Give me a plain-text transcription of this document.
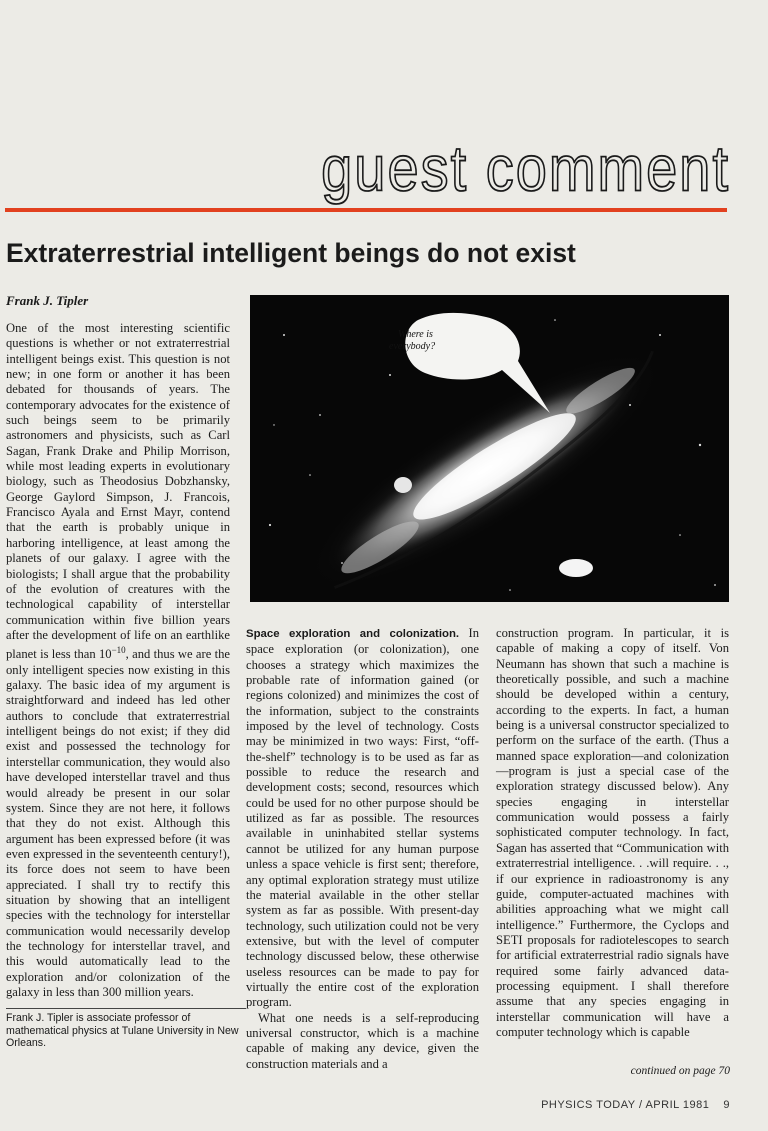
guest comment
Extraterrestrial intelligent beings do not exist
Frank J. Tipler

One of the most interesting scientific questions is whether or not extraterrestrial intelligent beings exist. This question is not new; in one form or another it has been debated for thousands of years. The contemporary advocates for the existence of such beings seem to be primarily astronomers and physicists, such as Carl Sagan, Frank Drake and Philip Morrison, while most leading experts in evolutionary biology, such as Theodosius Dobzhansky, George Gaylord Simpson, J. Francois, Francisco Ayala and Ernst Mayr, contend that the earth is probably unique in harboring intelligence, at least among the planets of our galaxy. I agree with the biologists; I shall argue that the probability of the evolution of creatures with the technological capability of interstellar communication within five billion years after the development of life on an earthlike planet is less than $10^{-10}$, and thus we are the only intelligent species now existing in this galaxy. The basic idea of my argument is straightforward and indeed has led other authors to conclude that extraterrestrial intelligent beings do not exist; if they did exist and possessed the technology for interstellar communication, they would also have developed interstellar travel and thus would already be present in our solar system. Since they are not here, it follows that they do not exist. Although this argument has been expressed before (it was even expressed in the seventeenth century!), its force does not seem to have been appreciated. I shall try to rectify this situation by showing that an intelligent species with the technology for interstellar communication would necessarily develop the technology for interstellar travel, and this would automatically lead to the exploration and/or colonization of the galaxy in less than 300 million years.

Frank J. Tipler is associate professor of mathematical physics at Tulane University in New Orleans.
Where is
everybody?

Space exploration and colonization. In space exploration (or colonization), one chooses a strategy which maximizes the probable rate of information gained (or regions colonized) and minimizes the cost of the information, subject to the constraints imposed by the level of technology. Costs may be minimized in two ways: First, “off-the-shelf” technology is to be used as far as possible to reduce the research and development costs; second, resources which could be used for no other purpose should be utilized as far as possible. The resources available in uninhabited stellar systems cannot be utilized for any human purpose unless a space vehicle is first sent; therefore, any optimal exploration strategy must utilize the material available in the other stellar system as far as possible. With present-day technology, such utilization could not be very extensive, but with the level of computer technology discussed below, these otherwise useless resources can be made to pay for virtually the entire cost of the exploration program.

What one needs is a self-reproducing universal constructor, which is a machine capable of making any device, given the construction materials and a

construction program. In particular, it is capable of making a copy of itself. Von Neumann has shown that such a machine is theoretically possible, and such a machine should be developed within a century, according to the experts. In fact, a human being is a universal constructor specialized to perform on the surface of the earth. (Thus a manned space exploration—and colonization—program is just a special case of the exploration strategy discussed below). Any species engaging in interstellar communication would possess a fairly sophisticated computer technology. In fact, Sagan has asserted that “Communication with extraterrestrial intelligence. . .will require. . ., if our exprience in radioastronomy is any guide, computer-actuated machines with abilities approaching what we might call intelligence.” Furthermore, the Cyclops and SETI proposals for radiotelescopes to search for artificial extraterrestrial radio signals have required some fairly advanced data-processing equipment. I shall therefore assume that any species engaging in interstellar communication will have a computer technology which is capable

continued on page 70
PHYSICS TODAY / APRIL 1981 9
